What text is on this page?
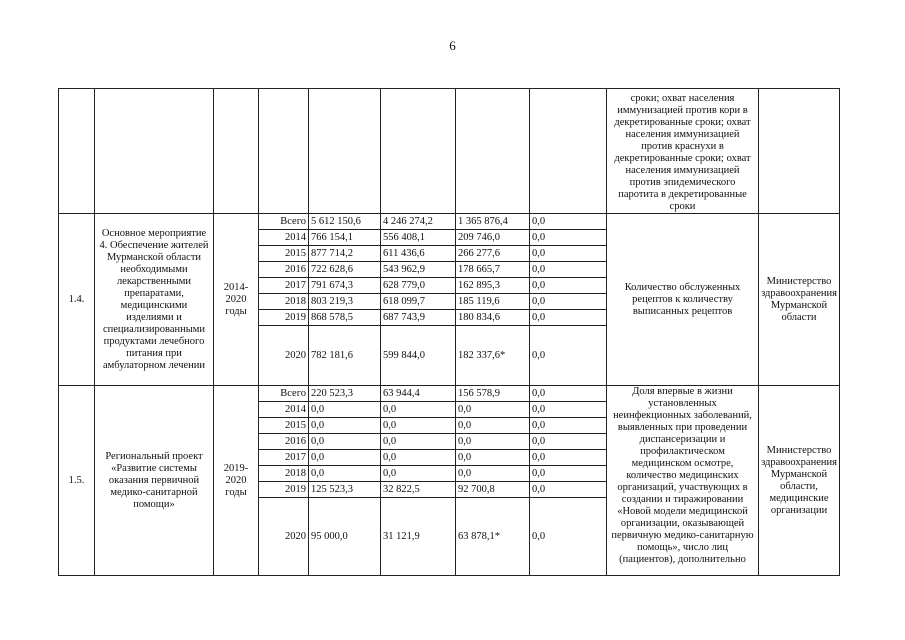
6
								сроки; охват населения иммунизацией против кори в декретированные сроки; охват населения иммунизацией против краснухи в декретированные сроки; охват населения иммунизацией против эпидемического паротита в декретированные сроки	
1.4.	Основное мероприятие 4. Обеспечение жителей Мурманской области необходимыми лекарственными препаратами, медицинскими изделиями и специализированными продуктами лечебного питания при амбулаторном лечении	2014-2020 годы	Всего	5 612 150,6	4 246 274,2	1 365 876,4	0,0	Количество обслуженных рецептов к количеству выписанных рецептов	Министерство здравоохранения Мурманской области
			2014	766 154,1	556 408,1	209 746,0	0,0		
			2015	877 714,2	611 436,6	266 277,6	0,0		
			2016	722 628,6	543 962,9	178 665,7	0,0		
			2017	791 674,3	628 779,0	162 895,3	0,0		
			2018	803 219,3	618 099,7	185 119,6	0,0		
			2019	868 578,5	687 743,9	180 834,6	0,0		
			2020	782 181,6	599 844,0	182 337,6*	0,0		
1.5.	Региональный проект «Развитие системы оказания первичной медико-санитарной помощи»	2019-2020 годы	Всего	220 523,3	63 944,4	156 578,9	0,0	Доля впервые в жизни установленных неинфекционных заболеваний, выявленных при проведении диспансеризации и профилактическом медицинском осмотре, количество медицинских организаций, участвующих в создании и тиражировании «Новой модели медицинской организации, оказывающей первичную медико-санитарную помощь», число лиц (пациентов), дополнительно	Министерство здравоохранения Мурманской области, медицинские организации
			2014	0,0	0,0	0,0	0,0		
			2015	0,0	0,0	0,0	0,0		
			2016	0,0	0,0	0,0	0,0		
			2017	0,0	0,0	0,0	0,0		
			2018	0,0	0,0	0,0	0,0		
			2019	125 523,3	32 822,5	92 700,8	0,0		
			2020	95 000,0	31 121,9	63 878,1*	0,0		
